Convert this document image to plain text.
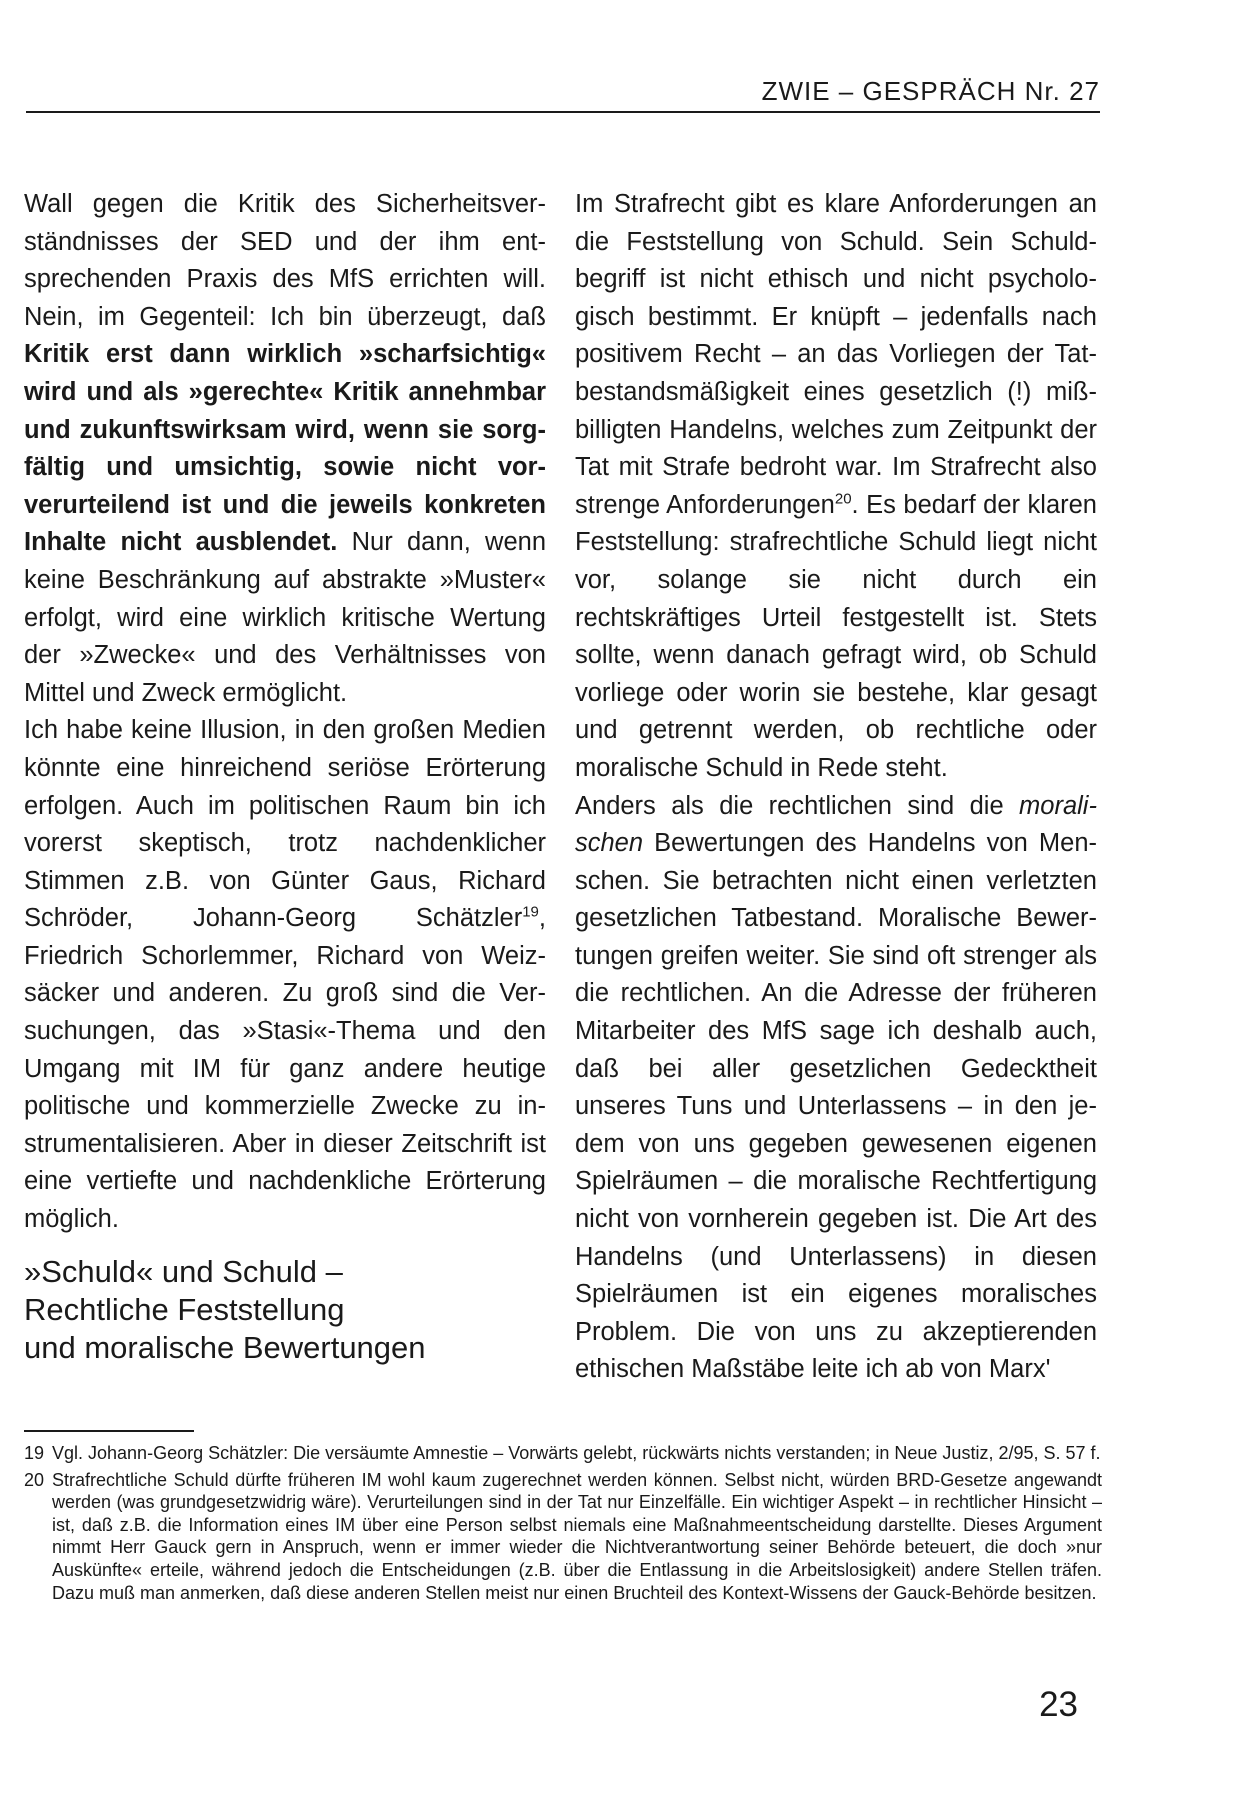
ZWIE – GESPRÄCH Nr. 27

Wall gegen die Kritik des Sicherheitsverständnisses der SED und der ihm entsprechenden Praxis des MfS errichten will. Nein, im Gegenteil: Ich bin überzeugt, daß Kritik erst dann wirklich »scharfsichtig« wird und als »gerechte« Kritik annehmbar und zukunftswirksam wird, wenn sie sorgfältig und umsichtig, sowie nicht vorverurteilend ist und die jeweils konkreten Inhalte nicht ausblendet. Nur dann, wenn keine Beschränkung auf abstrakte »Muster« erfolgt, wird eine wirklich kritische Wertung der »Zwecke« und des Verhältnisses von Mittel und Zweck ermöglicht.

Ich habe keine Illusion, in den großen Medien könnte eine hinreichend seriöse Erörterung erfolgen. Auch im politischen Raum bin ich vorerst skeptisch, trotz nachdenklicher Stimmen z.B. von Günter Gaus, Richard Schröder, Johann-Georg Schätzler$^{19}$, Friedrich Schorlemmer, Richard von Weizsäcker und anderen. Zu groß sind die Versuchungen, das »Stasi«-Thema und den Umgang mit IM für ganz andere heutige politische und kommerzielle Zwecke zu instrumentalisieren. Aber in dieser Zeitschrift ist eine vertiefte und nachdenkliche Erörterung möglich.

»Schuld« und Schuld –
Rechtliche Feststellung
und moralische Bewertungen

Im Strafrecht gibt es klare Anforderungen an die Feststellung von Schuld. Sein Schuldbegriff ist nicht ethisch und nicht psychologisch bestimmt. Er knüpft – jedenfalls nach positivem Recht – an das Vorliegen der Tatbestandsmäßigkeit eines gesetzlich (!) mißbilligten Handelns, welches zum Zeitpunkt der Tat mit Strafe bedroht war. Im Strafrecht also strenge Anforderungen$^{20}$. Es bedarf der klaren Feststellung: strafrechtliche Schuld liegt nicht vor, solange sie nicht durch ein rechtskräftiges Urteil festgestellt ist. Stets sollte, wenn danach gefragt wird, ob Schuld vorliege oder worin sie bestehe, klar gesagt und getrennt werden, ob rechtliche oder moralische Schuld in Rede steht.

Anders als die rechtlichen sind die moralischen Bewertungen des Handelns von Menschen. Sie betrachten nicht einen verletzten gesetzlichen Tatbestand. Moralische Bewertungen greifen weiter. Sie sind oft strenger als die rechtlichen. An die Adresse der früheren Mitarbeiter des MfS sage ich deshalb auch, daß bei aller gesetzlichen Gedecktheit unseres Tuns und Unterlassens – in den jedem von uns gegeben gewesenen eigenen Spielräumen – die moralische Rechtfertigung nicht von vornherein gegeben ist. Die Art des Handelns (und Unterlassens) in diesen Spielräumen ist ein eigenes moralisches Problem. Die von uns zu akzeptierenden ethischen Maßstäbe leite ich ab von Marx'

19 Vgl. Johann-Georg Schätzler: Die versäumte Amnestie – Vorwärts gelebt, rückwärts nichts verstanden; in Neue Justiz, 2/95, S. 57 f.
20 Strafrechtliche Schuld dürfte früheren IM wohl kaum zugerechnet werden können. Selbst nicht, würden BRD-Gesetze angewandt werden (was grundgesetzwidrig wäre). Verurteilungen sind in der Tat nur Einzelfälle. Ein wichtiger Aspekt – in rechtlicher Hinsicht – ist, daß z.B. die Information eines IM über eine Person selbst niemals eine Maßnahmeentscheidung darstellte. Dieses Argument nimmt Herr Gauck gern in Anspruch, wenn er immer wieder die Nichtverantwortung seiner Behörde beteuert, die doch »nur Auskünfte« erteile, während jedoch die Entscheidungen (z.B. über die Entlassung in die Arbeitslosigkeit) andere Stellen träfen. Dazu muß man anmerken, daß diese anderen Stellen meist nur einen Bruchteil des Kontext-Wissens der Gauck-Behörde besitzen.
23
